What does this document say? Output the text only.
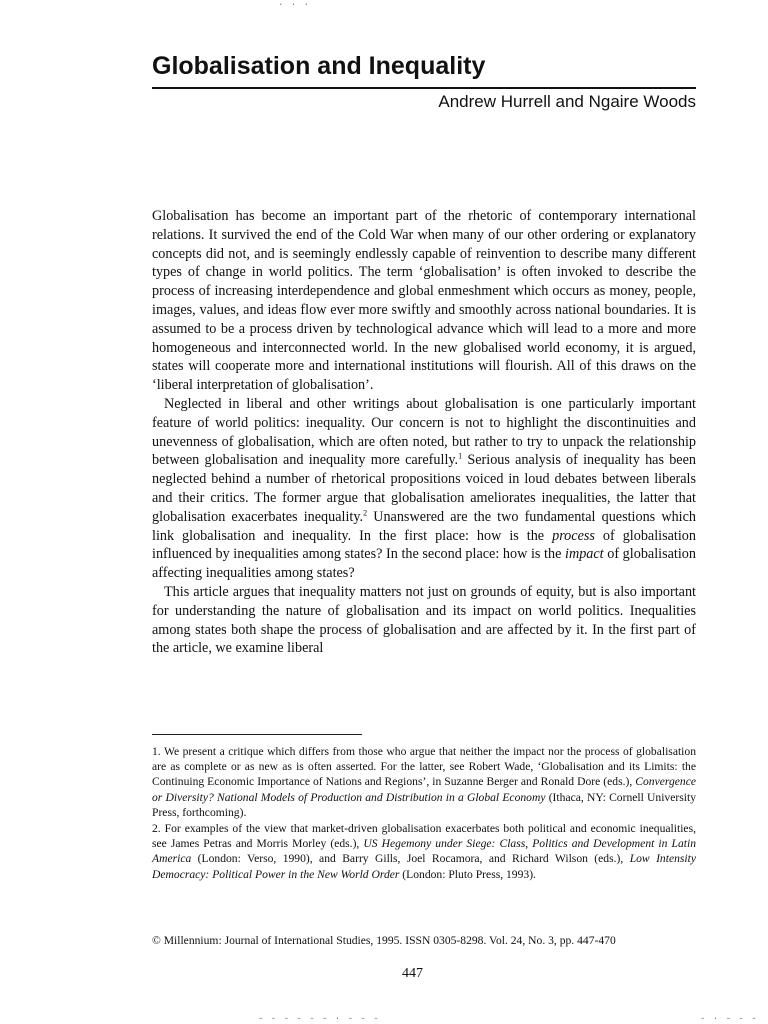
· · ·
Globalisation and Inequality

Andrew Hurrell and Ngaire Woods

Globalisation has become an important part of the rhetoric of contemporary international relations. It survived the end of the Cold War when many of our other ordering or explanatory concepts did not, and is seemingly endlessly capable of reinvention to describe many different types of change in world politics. The term ‘globalisation’ is often invoked to describe the process of increasing interdependence and global enmeshment which occurs as money, people, images, values, and ideas flow ever more swiftly and smoothly across national boundaries. It is assumed to be a process driven by technological advance which will lead to a more and more homogeneous and interconnected world. In the new globalised world economy, it is argued, states will cooperate more and international institutions will flourish. All of this draws on the ‘liberal interpretation of globalisation’.

Neglected in liberal and other writings about globalisation is one particularly important feature of world politics: inequality. Our concern is not to highlight the discontinuities and unevenness of globalisation, which are often noted, but rather to try to unpack the relationship between globalisation and inequality more carefully.$^1$ Serious analysis of inequality has been neglected behind a number of rhetorical propositions voiced in loud debates between liberals and their critics. The former argue that globalisation ameliorates inequalities, the latter that globalisation exacerbates inequality.$^2$ Unanswered are the two fundamental questions which link globalisation and inequality. In the first place: how is the process of globalisation influenced by inequalities among states? In the second place: how is the impact of globalisation affecting inequalities among states?

This article argues that inequality matters not just on grounds of equity, but is also important for understanding the nature of globalisation and its impact on world politics. Inequalities among states both shape the process of globalisation and are affected by it. In the first part of the article, we examine liberal

1. We present a critique which differs from those who argue that neither the impact nor the process of globalisation are as complete or as new as is often asserted. For the latter, see Robert Wade, ‘Globalisation and its Limits: the Continuing Economic Importance of Nations and Regions’, in Suzanne Berger and Ronald Dore (eds.), Convergence or Diversity? National Models of Production and Distribution in a Global Economy (Ithaca, NY: Cornell University Press, forthcoming).

2. For examples of the view that market-driven globalisation exacerbates both political and economic inequalities, see James Petras and Morris Morley (eds.), US Hegemony under Siege: Class, Politics and Development in Latin America (London: Verso, 1990), and Barry Gills, Joel Rocamora, and Richard Wilson (eds.), Low Intensity Democracy: Political Power in the New World Order (London: Pluto Press, 1993).

© Millennium: Journal of International Studies, 1995. ISSN 0305-8298. Vol. 24, No. 3, pp. 447-470

447

- - - - - - · - - -	- · - - -
